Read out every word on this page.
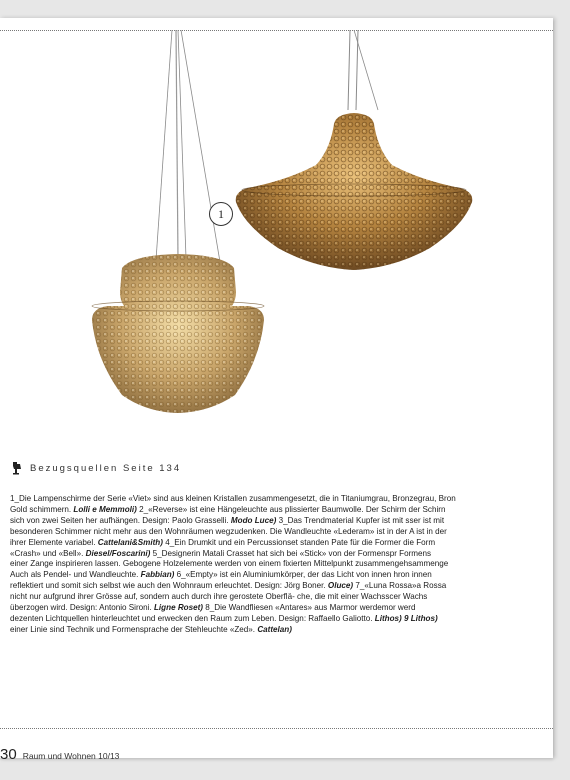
1
Bezugsquellen Seite 134
1_Die Lampenschirme der Serie «Viet» sind aus kleinen Kristallen zusammengesetzt, die in Titaniumgrau, Bronzegrau, Bron
Gold schimmern. Lolli e Memmoli) 2_«Reverse» ist eine Hängeleuchte aus plissierter Baumwolle. Der Schirm der Schirn
sich von zwei Seiten her aufhängen. Design: Paolo Grasselli. Modo Luce) 3_Das Trendmaterial Kupfer ist mit sser ist mit
besonderen Schimmer nicht mehr aus den Wohnräumen wegzudenken. Die Wandleuchte «Lederam» ist in der A ist in der
ihrer Elemente variabel. Cattelani&Smith) 4_Ein Drumkit und ein Percussionset standen Pate für die Former die Form
«Crash» und «Bell». Diesel/Foscarini) 5_Designerin Matali Crasset hat sich bei «Stick» von der Formenspr Formens
einer Zange inspirieren lassen. Gebogene Holzelemente werden von einem fixierten Mittelpunkt zusammengehsammenge
Auch als Pendel- und Wandleuchte. Fabbian) 6_«Empty» ist ein Aluminiumkörper, der das Licht von innen hron innen
reflektiert und somit sich selbst wie auch den Wohnraum erleuchtet. Design: Jörg Boner. Oluce) 7_«Luna Rossa»a Rossa
nicht nur aufgrund ihrer Grösse auf, sondern auch durch ihre gerostete Oberflä- che, die mit einer Wachsscer Wachs
überzogen wird. Design: Antonio Sironi. Ligne Roset) 8_Die Wandfliesen «Antares» aus Marmor werdemor werd
dezenten Lichtquellen hinterleuchtet und erwecken den Raum zum Leben. Design: Raffaello Galiotto. Lithos) 9 Lithos)
einer Linie sind Technik und Formensprache der Stehleuchte «Zed». Cattelan)
30 Raum und Wohnen 10/13
